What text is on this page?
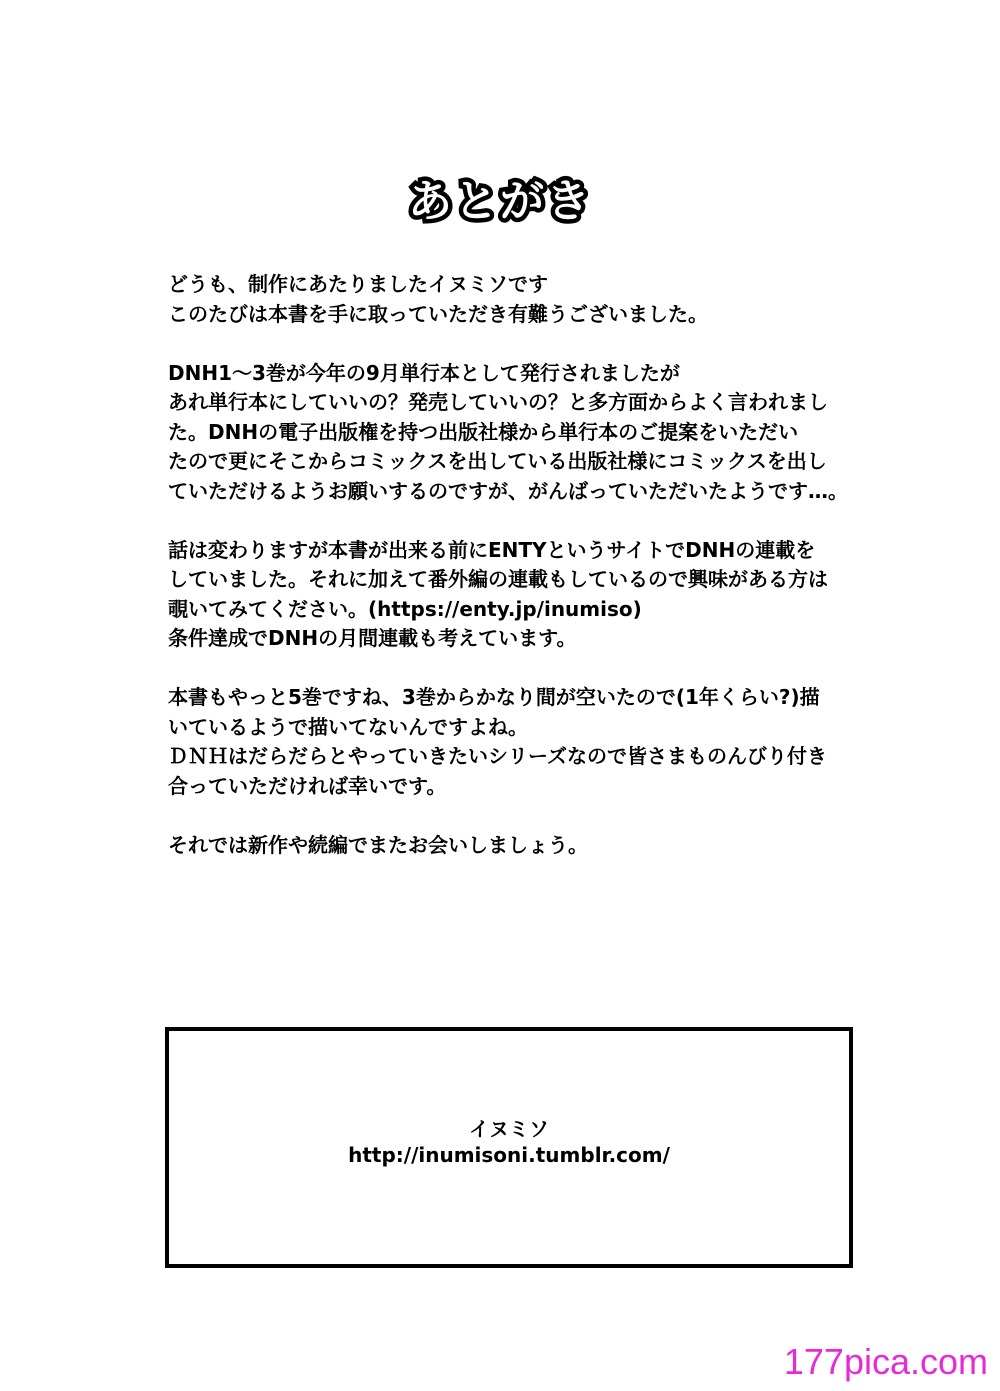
あとがき

どうも、制作にあたりましたイヌミソです
このたびは本書を手に取っていただき有難うございました。

DNH1～3巻が今年の9月単行本として発行されましたが
あれ単行本にしていいの？発売していいの？と多方面からよく言われまし
た。DNHの電子出版権を持つ出版社様から単行本のご提案をいただい
たので更にそこからコミックスを出している出版社様にコミックスを出し
ていただけるようお願いするのですが、がんばっていただいたようです…。

話は変わりますが本書が出来る前にENTYというサイトでDNHの連載を
していました。それに加えて番外編の連載もしているので興味がある方は
覗いてみてください。(https://enty.jp/inumiso)
条件達成でDNHの月間連載も考えています。

本書もやっと5巻ですね、3巻からかなり間が空いたので(1年くらい?)描
いているようで描いてないんですよね。
ＤＮＨはだらだらとやっていきたいシリーズなので皆さまものんびり付き
合っていただければ幸いです。

それでは新作や続編でまたお会いしましょう。

イヌミソ
http://inumisoni.tumblr.com/
177pica.com
